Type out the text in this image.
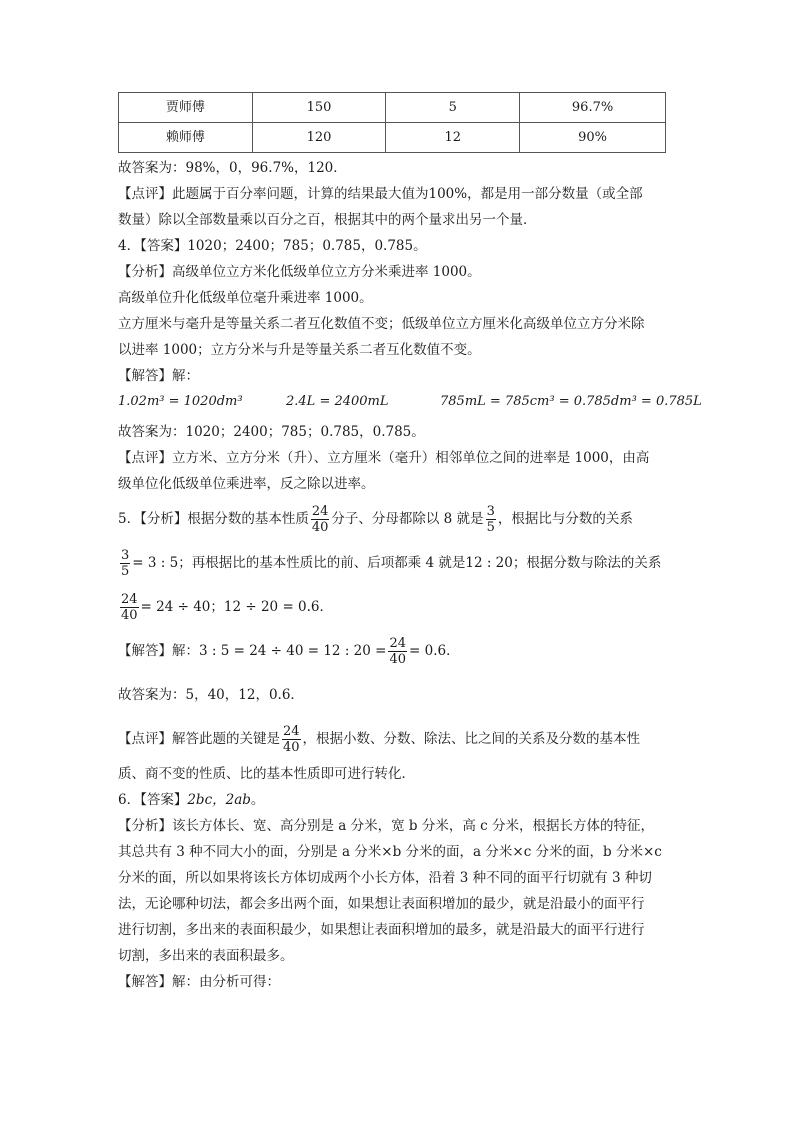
贾师傅	150	5	96.7%
赖师傅	120	12	90%
故答案为：98%，0，96.7%，120．
【点评】此题属于百分率问题，计算的结果最大值为100%，都是用一部分数量（或全部
数量）除以全部数量乘以百分之百，根据其中的两个量求出另一个量．
4．【答案】1020；2400；785；0.785，0.785。
【分析】高级单位立方米化低级单位立方分米乘进率 1000。
高级单位升化低级单位毫升乘进率 1000。
立方厘米与毫升是等量关系二者互化数值不变；低级单位立方厘米化高级单位立方分米除
以进率 1000；立方分米与升是等量关系二者互化数值不变。
【解答】解：
1.02m³ = 1020dm³	2.4L = 2400mL	785mL = 785cm³ = 0.785dm³ = 0.785L
故答案为：1020；2400；785；0.785，0.785。
【点评】立方米、立方分米（升）、立方厘米（毫升）相邻单位之间的进率是 1000，由高
级单位化低级单位乘进率，反之除以进率。
5．【分析】根据分数的基本性质 $\frac{24}{40}$ 分子、分母都除以 8 就是 $\frac{3}{5}$ ，根据比与分数的关系
$\frac{3}{5} = 3$ : 5；再根据比的基本性质比的前、后项都乘 4 就是12 : 20；根据分数与除法的关系
$\frac{24}{40} = 24 \div 40$；12 ÷ 20 = 0.6．
【解答】解：3 : 5 = 24 ÷ 40 = 12 : $20 = \frac{24}{40} = 0.6$．
故答案为：5，40，12，0.6．
【点评】解答此题的关键是 $\frac{24}{40}$ ，根据小数、分数、除法、比之间的关系及分数的基本性
质、商不变的性质、比的基本性质即可进行转化．
6．【答案】2bc，2ab。
【分析】该长方体长、宽、高分别是 a 分米，宽 b 分米，高 c 分米，根据长方体的特征，
其总共有 3 种不同大小的面，分别是 a 分米×b 分米的面，a 分米×c 分米的面，b 分米×c
分米的面，所以如果将该长方体切成两个小长方体，沿着 3 种不同的面平行切就有 3 种切
法，无论哪种切法，都会多出两个面，如果想让表面积增加的最少，就是沿最小的面平行
进行切割，多出来的表面积最少，如果想让表面积增加的最多，就是沿最大的面平行进行
切割，多出来的表面积最多。
【解答】解：由分析可得：
